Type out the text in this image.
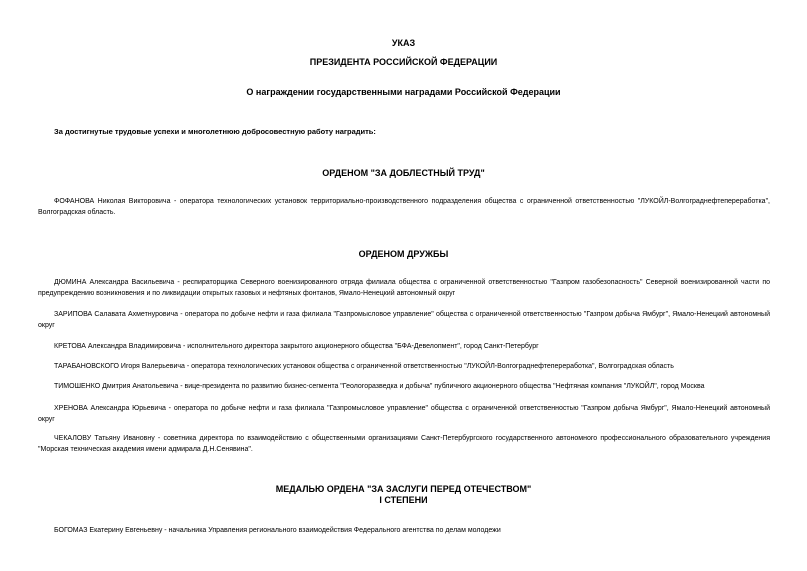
УКАЗ
ПРЕЗИДЕНТА РОССИЙСКОЙ ФЕДЕРАЦИИ
О награждении государственными наградами Российской Федерации
За достигнутые трудовые успехи и многолетнюю добросовестную работу наградить:
ОРДЕНОМ "ЗА ДОБЛЕСТНЫЙ ТРУД"
ФОФАНОВА Николая Викторовича - оператора технологических установок территориально-производственного подразделения общества с ограниченной ответственностью "ЛУКОЙЛ-Волгограднефтепереработка", Волгоградская область.
ОРДЕНОМ ДРУЖБЫ
ДЮМИНА Александра Васильевича - респираторщика Северного военизированного отряда филиала общества с ограниченной ответственностью "Газпром газобезопасность" Северной военизированной части по предупреждению возникновения и по ликвидации открытых газовых и нефтяных фонтанов, Ямало-Ненецкий автономный округ
ЗАРИПОВА Салавата Ахметнуровича - оператора по добыче нефти и газа филиала "Газпромысловое управление" общества с ограниченной ответственностью "Газпром добыча Ямбург", Ямало-Ненецкий автономный округ
КРЕТОВА Александра Владимировича - исполнительного директора закрытого акционерного общества "БФА-Девелопмент", город Санкт-Петербург
ТАРАБАНОВСКОГО Игоря Валерьевича - оператора технологических установок общества с ограниченной ответственностью "ЛУКОЙЛ-Волгограднефтепереработка", Волгоградская область
ТИМОШЕНКО Дмитрия Анатольевича - вице-президента по развитию бизнес-сегмента "Геологоразведка и добыча" публичного акционерного общества "Нефтяная компания "ЛУКОЙЛ", город Москва
ХРЕНОВА Александра Юрьевича - оператора по добыче нефти и газа филиала "Газпромысловое управление" общества с ограниченной ответственностью "Газпром добыча Ямбург", Ямало-Ненецкий автономный округ
ЧЕКАЛОВУ Татьяну Ивановну - советника директора по взаимодействию с общественными организациями Санкт-Петербургского государственного автономного профессионального образовательного учреждения "Морская техническая академия имени адмирала Д.Н.Сенявина".
МЕДАЛЬЮ ОРДЕНА "ЗА ЗАСЛУГИ ПЕРЕД ОТЕЧЕСТВОМ"
I СТЕПЕНИ
БОГОМАЗ Екатерину Евгеньевну - начальника Управления регионального взаимодействия Федерального агентства по делам молодежи
